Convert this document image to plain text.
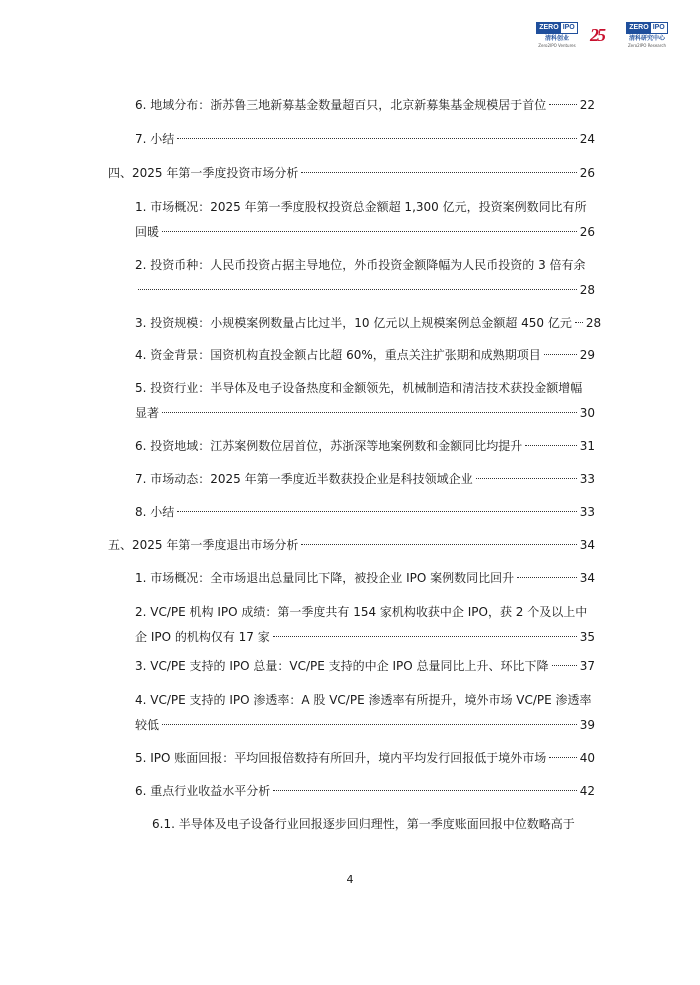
ZERO IPO
清科创业
Zero2IPO Ventures
25	ZERO IPO
清科研究中心
Zero2IPO Research
6. 地域分布：浙苏鲁三地新募基金数量超百只，北京新募集基金规模居于首位	22
7. 小结	24
四、2025 年第一季度投资市场分析	26
1. 市场概况：2025 年第一季度股权投资总金额超 1,300 亿元，投资案例数同比有所
回暖	26
2. 投资币种：人民币投资占据主导地位，外币投资金额降幅为人民币投资的 3 倍有余
28
3. 投资规模：小规模案例数量占比过半，10 亿元以上规模案例总金额超 450 亿元 28
4. 资金背景：国资机构直投金额占比超 60%，重点关注扩张期和成熟期项目	29
5. 投资行业：半导体及电子设备热度和金额领先，机械制造和清洁技术获投金额增幅
显著	30
6. 投资地域：江苏案例数位居首位，苏浙深等地案例数和金额同比均提升	31
7. 市场动态：2025 年第一季度近半数获投企业是科技领域企业	33
8. 小结	33
五、2025 年第一季度退出市场分析	34
1. 市场概况：全市场退出总量同比下降，被投企业 IPO 案例数同比回升	34
2. VC/PE 机构 IPO 成绩：第一季度共有 154 家机构收获中企 IPO，获 2 个及以上中
企 IPO 的机构仅有 17 家	35
3. VC/PE 支持的 IPO 总量：VC/PE 支持的中企 IPO 总量同比上升、环比下降	37
4. VC/PE 支持的 IPO 渗透率：A 股 VC/PE 渗透率有所提升，境外市场 VC/PE 渗透率
较低	39
5. IPO 账面回报：平均回报倍数持有所回升，境内平均发行回报低于境外市场	40
6. 重点行业收益水平分析	42
6.1. 半导体及电子设备行业回报逐步回归理性，第一季度账面回报中位数略高于
4
